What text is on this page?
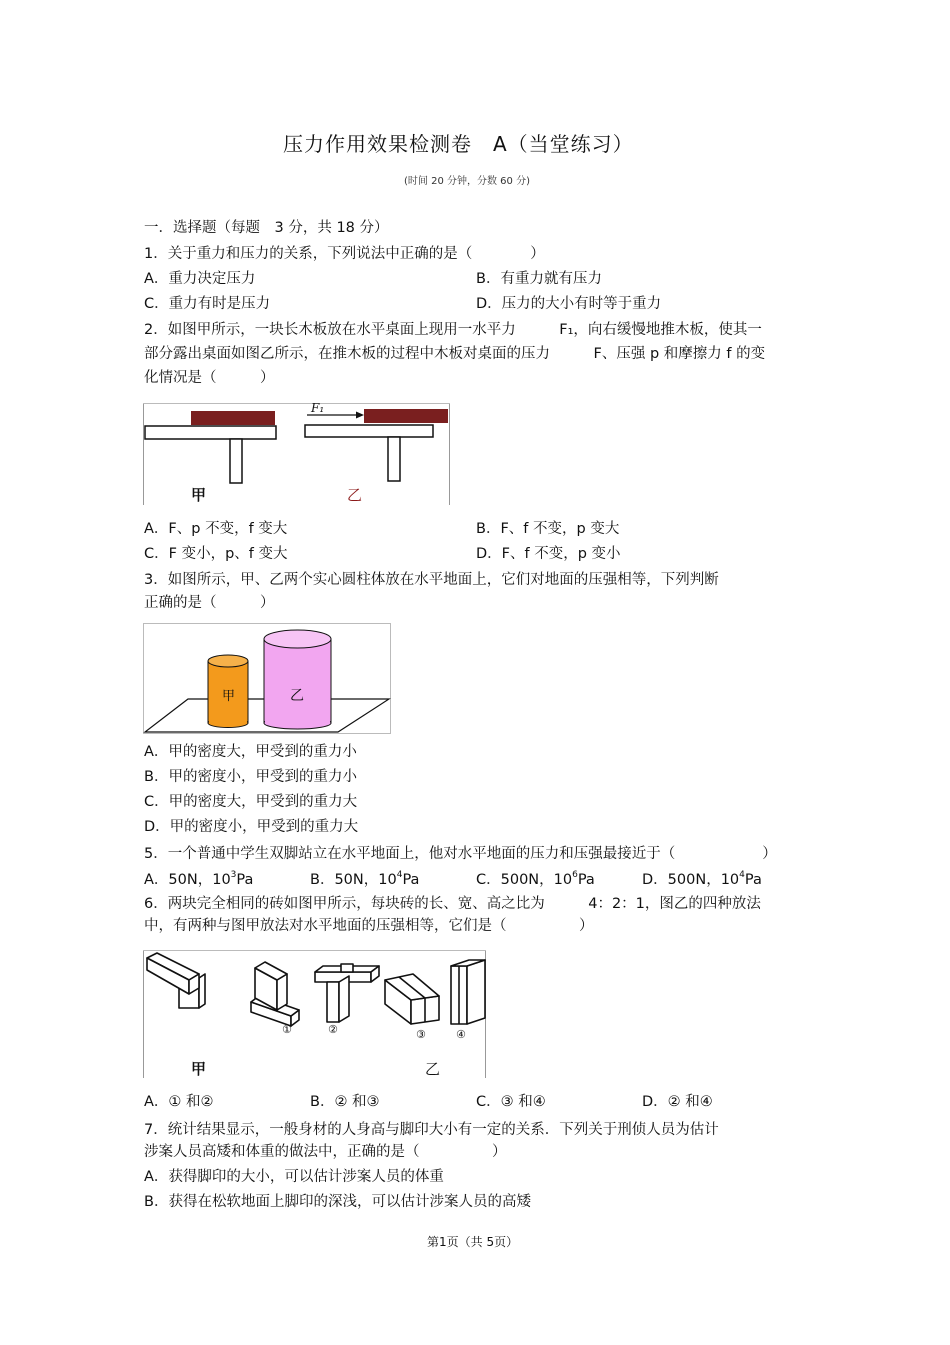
压力作用效果检测卷　A（当堂练习）
(时间 20 分钟，分数 60 分)
一．选择题（每题　3 分，共 18 分）
1．关于重力和压力的关系，下列说法中正确的是（　　　　）
A．重力决定压力	B．有重力就有压力
C．重力有时是压力	D．压力的大小有时等于重力
2．如图甲所示，一块长木板放在水平桌面上现用一水平力　　　F₁，向右缓慢地推木板，使其一
部分露出桌面如图乙所示，在推木板的过程中木板对桌面的压力　　　F、压强 p 和摩擦力 f 的变
化情况是（　　　）
F₁
甲	乙
A．F、p 不变，f 变大	B．F、f 不变，p 变大
C．F 变小，p、f 变大	D．F、f 不变，p 变小
3．如图所示，甲、乙两个实心圆柱体放在水平地面上，它们对地面的压强相等，下列判断
正确的是（　　　）
甲	乙
A．甲的密度大，甲受到的重力小
B．甲的密度小，甲受到的重力小
C．甲的密度大，甲受到的重力大
D．甲的密度小，甲受到的重力大
5．一个普通中学生双脚站立在水平地面上，他对水平地面的压力和压强最接近于（　　　　　　）
A．50N，$10^3Pa$	B．50N，$10^4Pa$	C．500N，$10^6Pa$	D．500N，$10^4Pa$
6．两块完全相同的砖如图甲所示，每块砖的长、宽、高之比为　　　4：2：1，图乙的四种放法
中，有两种与图甲放法对水平地面的压强相等，它们是（　　　　　）
①	②	③	④
甲	乙
A．① 和②	B．② 和③	C．③ 和④	D．② 和④
7．统计结果显示，一般身材的人身高与脚印大小有一定的关系．下列关于刑侦人员为估计
涉案人员高矮和体重的做法中，正确的是（　　　　　）
A．获得脚印的大小，可以估计涉案人员的体重
B．获得在松软地面上脚印的深浅，可以估计涉案人员的高矮
第1页（共 5页）
